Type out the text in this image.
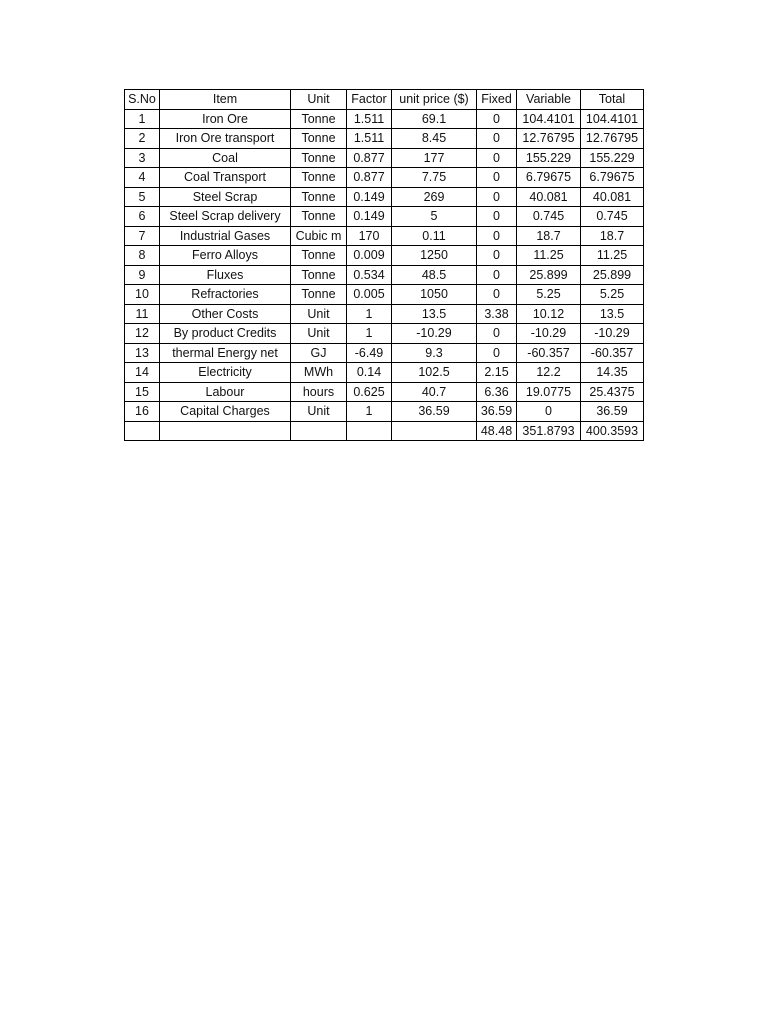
S.No	Item	Unit	Factor	unit price ($)	Fixed	Variable	Total
1	Iron Ore	Tonne	1.511	69.1	0	104.4101	104.4101
2	Iron Ore transport	Tonne	1.511	8.45	0	12.76795	12.76795
3	Coal	Tonne	0.877	177	0	155.229	155.229
4	Coal Transport	Tonne	0.877	7.75	0	6.79675	6.79675
5	Steel Scrap	Tonne	0.149	269	0	40.081	40.081
6	Steel Scrap delivery	Tonne	0.149	5	0	0.745	0.745
7	Industrial Gases	Cubic m	170	0.11	0	18.7	18.7
8	Ferro Alloys	Tonne	0.009	1250	0	11.25	11.25
9	Fluxes	Tonne	0.534	48.5	0	25.899	25.899
10	Refractories	Tonne	0.005	1050	0	5.25	5.25
11	Other Costs	Unit	1	13.5	3.38	10.12	13.5
12	By product Credits	Unit	1	-10.29	0	-10.29	-10.29
13	thermal Energy net	GJ	-6.49	9.3	0	-60.357	-60.357
14	Electricity	MWh	0.14	102.5	2.15	12.2	14.35
15	Labour	hours	0.625	40.7	6.36	19.0775	25.4375
16	Capital Charges	Unit	1	36.59	36.59	0	36.59
					48.48	351.8793	400.3593
